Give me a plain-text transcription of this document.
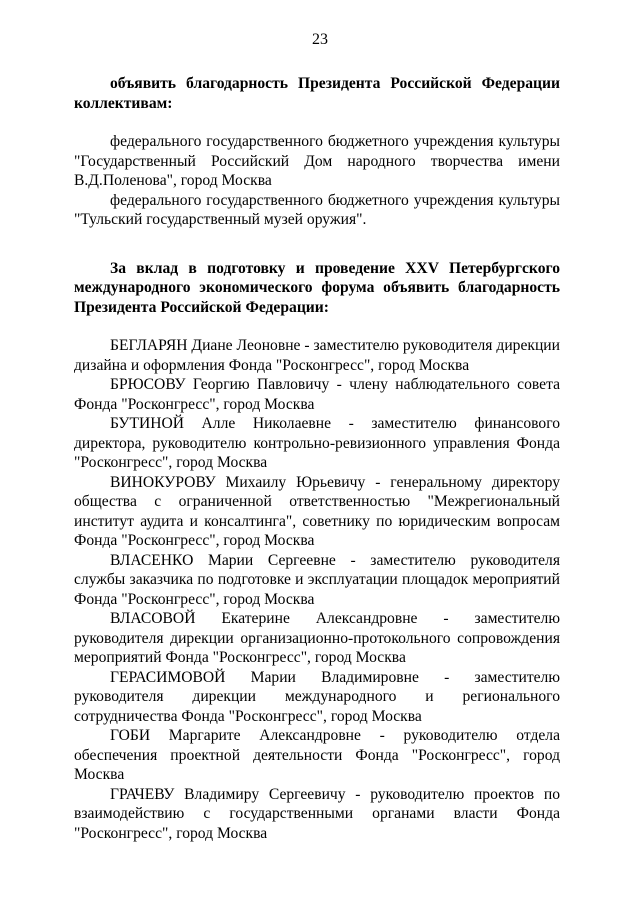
23

объявить благодарность Президента Российской Федерации коллективам:

федерального государственного бюджетного учреждения культуры "Государственный Российский Дом народного творчества имени В.Д.Поленова", город Москва

федерального государственного бюджетного учреждения культуры "Тульский государственный музей оружия".

За вклад в подготовку и проведение XXV Петербургского международного экономического форума объявить благодарность Президента Российской Федерации:

БЕГЛАРЯН Диане Леоновне - заместителю руководителя дирекции дизайна и оформления Фонда "Росконгресс", город Москва

БРЮСОВУ Георгию Павловичу - члену наблюдательного совета Фонда "Росконгресс", город Москва

БУТИНОЙ Алле Николаевне - заместителю финансового директора, руководителю контрольно-ревизионного управления Фонда "Росконгресс", город Москва

ВИНОКУРОВУ Михаилу Юрьевичу - генеральному директору общества с ограниченной ответственностью "Межрегиональный институт аудита и консалтинга", советнику по юридическим вопросам Фонда "Росконгресс", город Москва

ВЛАСЕНКО Марии Сергеевне - заместителю руководителя службы заказчика по подготовке и эксплуатации площадок мероприятий Фонда "Росконгресс", город Москва

ВЛАСОВОЙ Екатерине Александровне - заместителю руководителя дирекции организационно-протокольного сопровождения мероприятий Фонда "Росконгресс", город Москва

ГЕРАСИМОВОЙ Марии Владимировне - заместителю руководителя дирекции международного и регионального сотрудничества Фонда "Росконгресс", город Москва

ГОБИ Маргарите Александровне - руководителю отдела обеспечения проектной деятельности Фонда "Росконгресс", город Москва

ГРАЧЕВУ Владимиру Сергеевичу - руководителю проектов по взаимодействию с государственными органами власти Фонда "Росконгресс", город Москва
